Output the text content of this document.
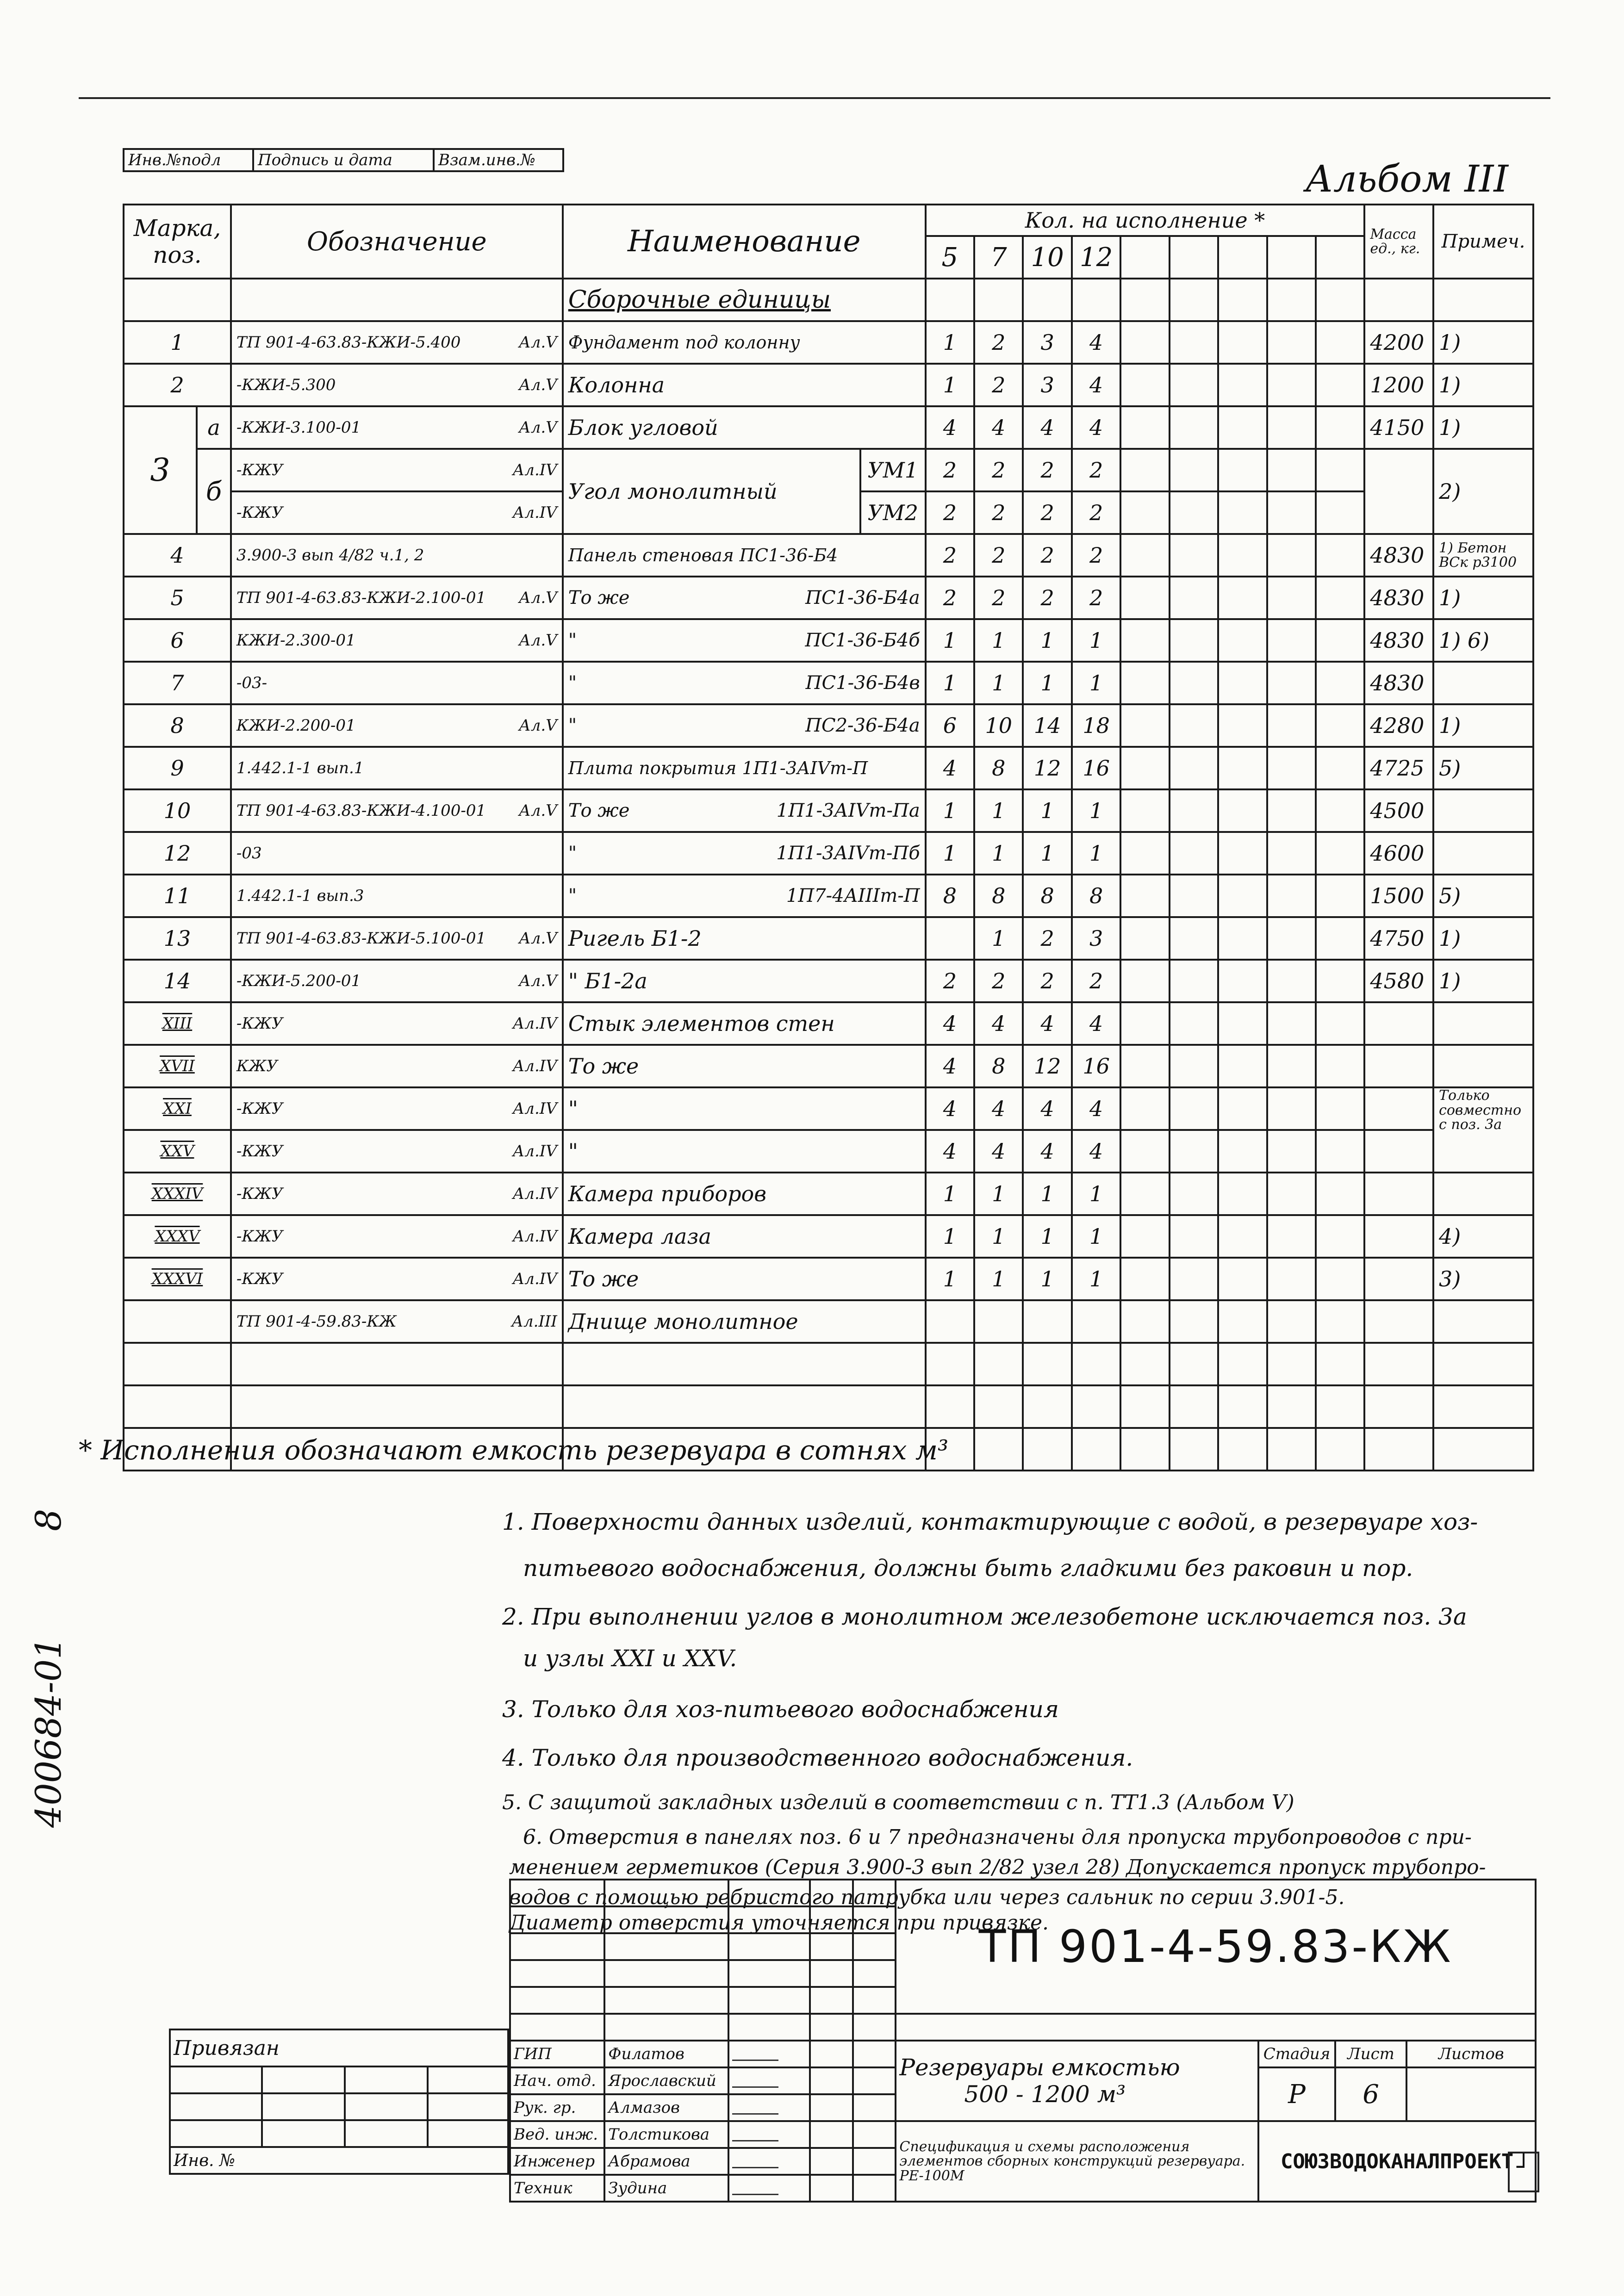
Инв.№подл	Подпись и дата	Взам.инв.№	Альбом III
Марка, поз.		Обозначение	Наименование		Кол. на исполнение *									Масса ед., кг.	Примеч.
					5	7	10	12							
			Сборочные единицы												
1		ТП 901-4-63.83-КЖИ-5.400 Ал.V	Фундамент под колонну		1	2	3	4						4200	1)
2		-КЖИ-5.300 Ал.V	Колонна		1	2	3	4						1200	1)
3	а	-КЖИ-3.100-01 Ал.V	Блок угловой		4	4	4	4						4150	1)
	б	-КЖУ Ал.IV	Угол монолитный	УМ1	2	2	2	2							2)
		-КЖУ Ал.IV		УМ2	2	2	2	2							
4		3.900-3 вып 4/82 ч.1, 2	Панель стеновая ПС1-36-Б4		2	2	2	2						4830	1) Бетон ВСк р3100
5		ТП 901-4-63.83-КЖИ-2.100-01 Ал.V	То же ПС1-36-Б4а		2	2	2	2						4830	1)
6		КЖИ-2.300-01 Ал.V	" ПС1-36-Б4б		1	1	1	1						4830	1) 6)
7		-03-	" ПС1-36-Б4в		1	1	1	1						4830	
8		КЖИ-2.200-01 Ал.V	" ПС2-36-Б4а		6	10	14	18						4280	1)
9		1.442.1-1 вып.1	Плита покрытия 1П1-3АIVт-П		4	8	12	16						4725	5)
10		ТП 901-4-63.83-КЖИ-4.100-01 Ал.V	То же 1П1-3АIVт-Па		1	1	1	1						4500	
12		-03	" 1П1-3АIVт-Пб		1	1	1	1						4600	
11		1.442.1-1 вып.3	" 1П7-4АIIIт-П		8	8	8	8						1500	5)
13		ТП 901-4-63.83-КЖИ-5.100-01 Ал.V	Ригель Б1-2			1	2	3						4750	1)
14		-КЖИ-5.200-01 Ал.V	" Б1-2а		2	2	2	2						4580	1)
XIII		-КЖУ Ал.IV	Стык элементов стен		4	4	4	4							
XVII		КЖУ Ал.IV	То же		4	8	12	16							
XXI		-КЖУ Ал.IV	"		4	4	4	4							Только совместно с поз. 3а
XXV		-КЖУ Ал.IV	"		4	4	4	4							
XXXIV		-КЖУ Ал.IV	Камера приборов		1	1	1	1							
XXXV		-КЖУ Ал.IV	Камера лаза		1	1	1	1							4)
XXXVI		-КЖУ Ал.IV	То же		1	1	1	1							3)
		ТП 901-4-59.83-КЖ Ал.III	Днище монолитное												

* Исполнения обозначают емкость резервуара в сотнях м³
1. Поверхности данных изделий, контактирующие с водой, в резервуаре хоз-
питьевого водоснабжения, должны быть гладкими без раковин и пор.
2. При выполнении углов в монолитном железобетоне исключается поз. 3а
и узлы XXI и XXV.
3. Только для хоз-питьевого водоснабжения
4. Только для производственного водоснабжения.
5. С защитой закладных изделий в соответствии с п. ТТ1.3 (Альбом V)
6. Отверстия в панелях поз. 6 и 7 предназначены для пропуска трубопроводов с при-
менением герметиков (Серия 3.900-3 вып 2/82 узел 28) Допускается пропуск трубопро-
водов с помощью ребристого патрубка или через сальник по серии 3.901-5.
Диаметр отверстия уточняется при привязке.
					ТП 901-4-59.83-КЖ			

ГИП	Филатов				Резервуары емкостью
500 - 1200 м³	Стадия	Лист	Листов
Нач. отд.	Ярославский					Р	6	
Рук. гр.	Алмазов							
Вед. инж.	Толстикова				Спецификация и схемы расположения элементов сборных конструкций резервуара. РЕ-100М	СОЮЗВОДОКАНАЛПРОЕКТ		
Инженер	Абрамова							
Техник	Зудина							
Привязан			

Инв. №			
400684-01  8
┘
